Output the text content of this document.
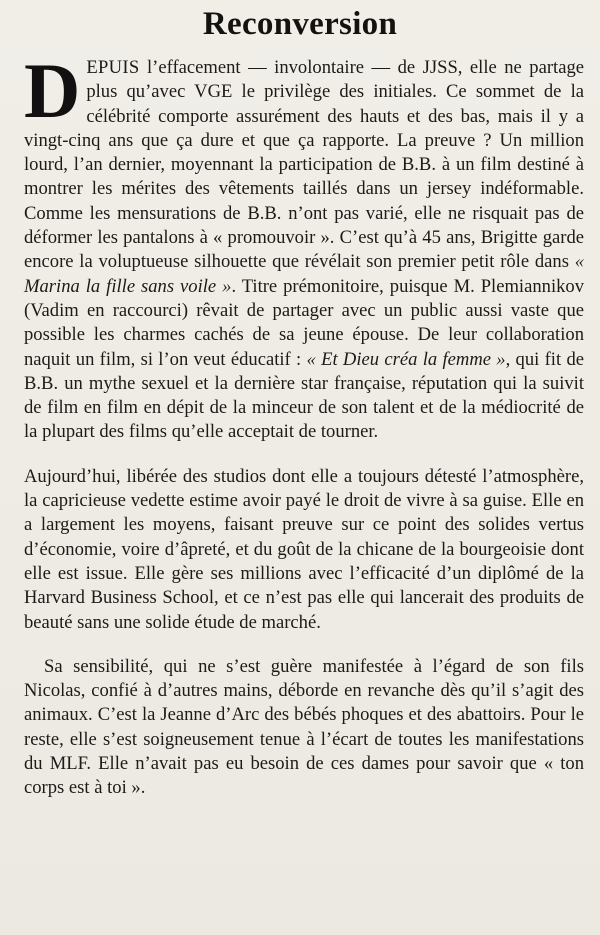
Reconversion

DEPUIS l’effacement — involontaire — de JJSS, elle ne partage plus qu’avec VGE le privilège des initiales. Ce sommet de la célébrité comporte assurément des hauts et des bas, mais il y a vingt-cinq ans que ça dure et que ça rapporte. La preuve ? Un million lourd, l’an dernier, moyennant la participation de B.B. à un film destiné à montrer les mérites des vêtements taillés dans un jersey indéformable. Comme les mensurations de B.B. n’ont pas varié, elle ne risquait pas de déformer les pantalons à « promouvoir ». C’est qu’à 45 ans, Brigitte garde encore la voluptueuse silhouette que révélait son premier petit rôle dans « Marina la fille sans voile ». Titre prémonitoire, puisque M. Plemiannikov (Vadim en raccourci) rêvait de partager avec un public aussi vaste que possible les charmes cachés de sa jeune épouse. De leur collaboration naquit un film, si l’on veut éducatif : « Et Dieu créa la femme », qui fit de B.B. un mythe sexuel et la dernière star française, réputation qui la suivit de film en film en dépit de la minceur de son talent et de la médiocrité de la plupart des films qu’elle acceptait de tourner.

Aujourd’hui, libérée des studios dont elle a toujours détesté l’atmosphère, la capricieuse vedette estime avoir payé le droit de vivre à sa guise. Elle en a largement les moyens, faisant preuve sur ce point des solides vertus d’économie, voire d’âpreté, et du goût de la chicane de la bourgeoisie dont elle est issue. Elle gère ses millions avec l’efficacité d’un diplômé de la Harvard Business School, et ce n’est pas elle qui lancerait des produits de beauté sans une solide étude de marché.

Sa sensibilité, qui ne s’est guère manifestée à l’égard de son fils Nicolas, confié à d’autres mains, déborde en revanche dès qu’il s’agit des animaux. C’est la Jeanne d’Arc des bébés phoques et des abattoirs. Pour le reste, elle s’est soigneusement tenue à l’écart de toutes les manifestations du MLF. Elle n’avait pas eu besoin de ces dames pour savoir que « ton corps est à toi ».
